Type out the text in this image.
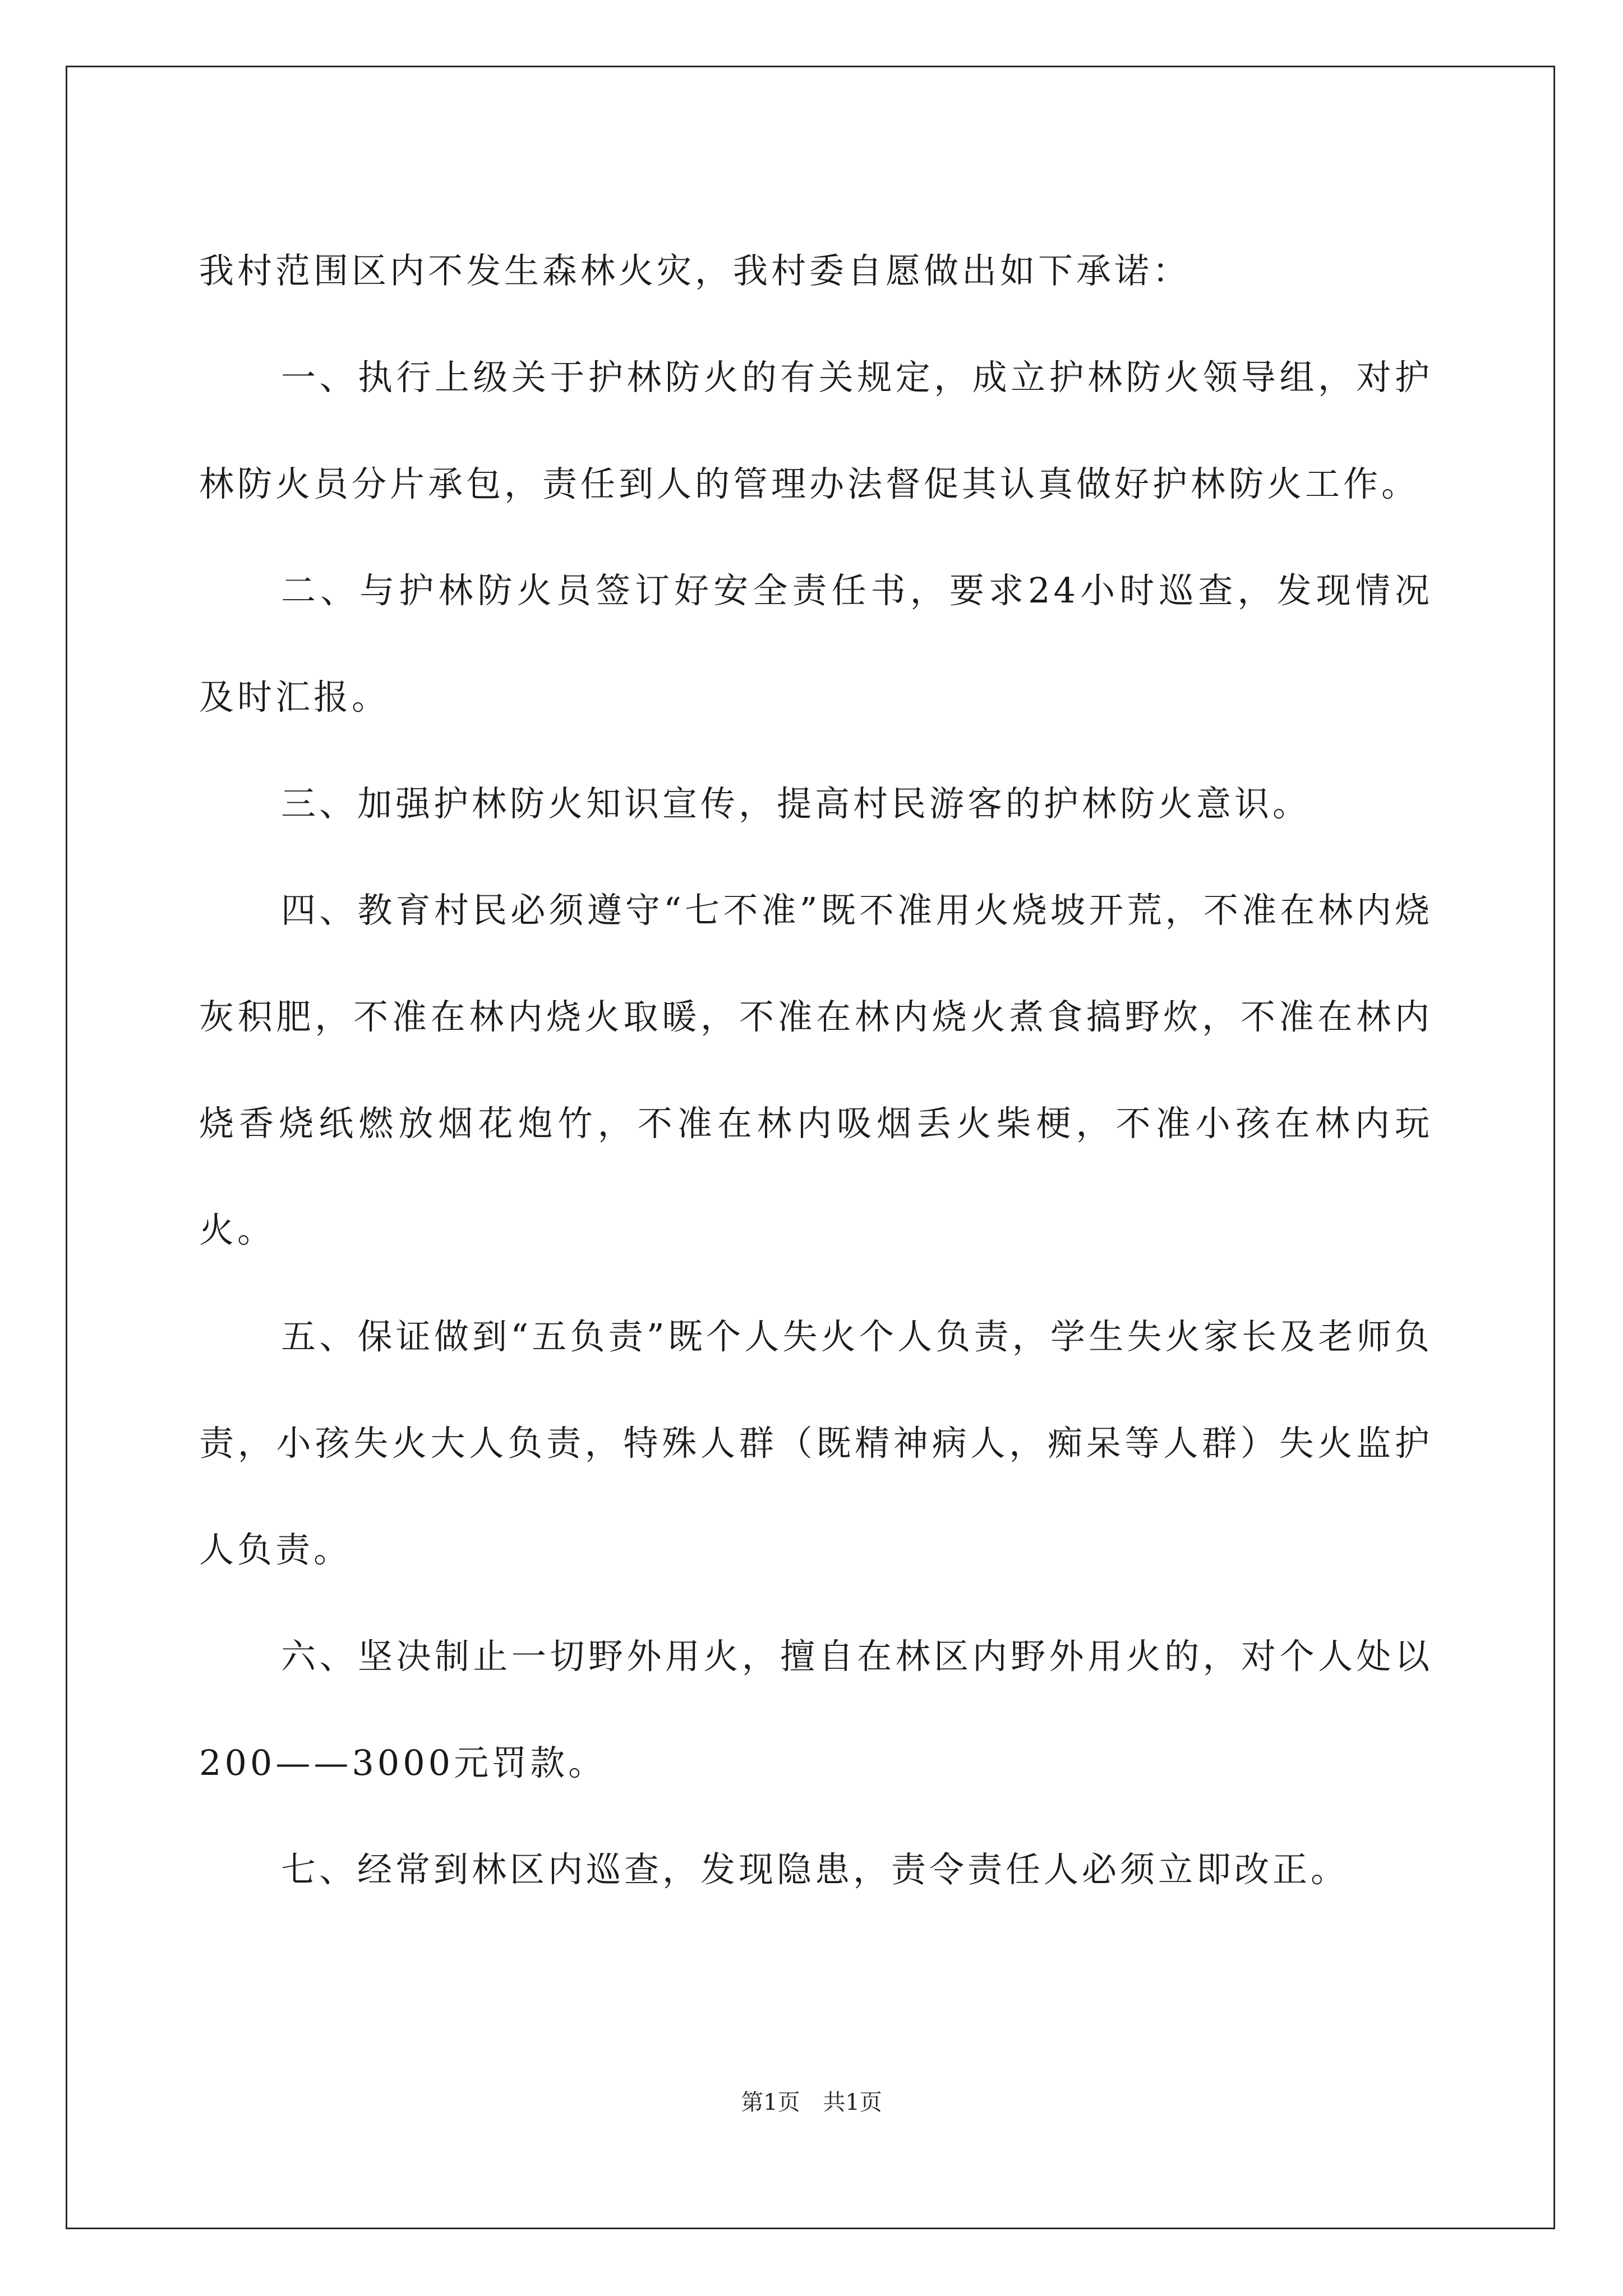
我村范围区内不发生森林火灾，我村委自愿做出如下承诺：

一、执行上级关于护林防火的有关规定，成立护林防火领导组，对护林防火员分片承包，责任到人的管理办法督促其认真做好护林防火工作。

二、与护林防火员签订好安全责任书，要求24小时巡查，发现情况及时汇报。

三、加强护林防火知识宣传，提高村民游客的护林防火意识。

四、教育村民必须遵守“七不准”既不准用火烧坡开荒，不准在林内烧灰积肥，不准在林内烧火取暖，不准在林内烧火煮食搞野炊，不准在林内烧香烧纸燃放烟花炮竹，不准在林内吸烟丢火柴梗，不准小孩在林内玩火。

五、保证做到“五负责”既个人失火个人负责，学生失火家长及老师负责，小孩失火大人负责，特殊人群（既精神病人，痴呆等人群）失火监护人负责。

六、坚决制止一切野外用火，擅自在林区内野外用火的，对个人处以200——3000元罚款。

七、经常到林区内巡查，发现隐患，责令责任人必须立即改正。

第1页 共1页
